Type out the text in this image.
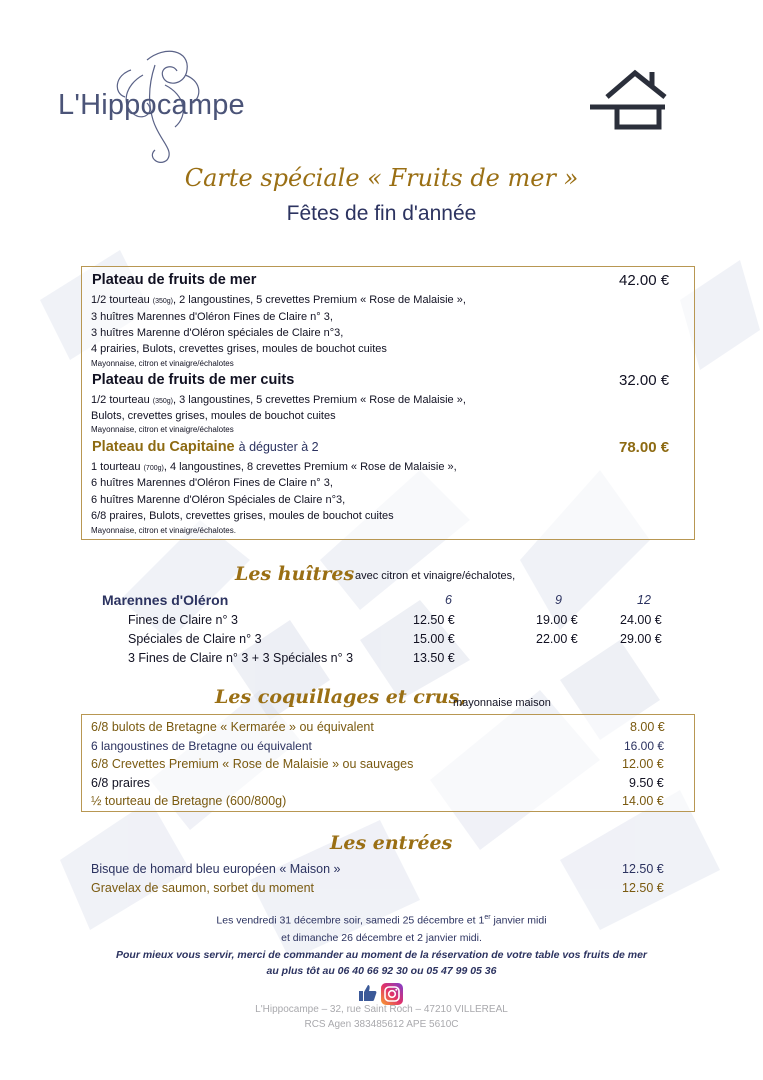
L'Hippocampe
Carte spéciale « Fruits de mer »
Fêtes de fin d'année
Plateau de fruits de mer	42.00 €
1/2 tourteau (350g), 2 langoustines, 5 crevettes Premium « Rose de Malaisie »,
3 huîtres Marennes d'Oléron Fines de Claire n° 3,
3 huîtres Marenne d'Oléron spéciales de Claire n°3,
4 prairies, Bulots, crevettes grises, moules de bouchot cuites
Mayonnaise, citron et vinaigre/échalotes
Plateau de fruits de mer cuits	32.00 €
1/2 tourteau (350g), 3 langoustines, 5 crevettes Premium « Rose de Malaisie »,
Bulots, crevettes grises, moules de bouchot cuites
Mayonnaise, citron et vinaigre/échalotes
Plateau du Capitaine à déguster à 2	78.00 €
1 tourteau (700g), 4 langoustines, 8 crevettes Premium « Rose de Malaisie »,
6 huîtres Marennes d'Oléron Fines de Claire n° 3,
6 huîtres Marenne d'Oléron Spéciales de Claire n°3,
6/8 praires, Bulots, crevettes grises, moules de bouchot cuites
Mayonnaise, citron et vinaigre/échalotes.
Les huîtres avec citron et vinaigre/échalotes,
Marennes d'Oléron	6	9	12
Fines de Claire n° 3	12.50 €	19.00 €	24.00 €
Spéciales de Claire n° 3	15.00 €	22.00 €	29.00 €
3 Fines de Claire n° 3 + 3 Spéciales n° 3	13.50 €
Les coquillages et crus,
mayonnaise maison
6/8 bulots de Bretagne « Kermarée » ou équivalent	8.00 €
6 langoustines de Bretagne ou équivalent	16.00 €
6/8 Crevettes Premium « Rose de Malaisie » ou sauvages	12.00 €
6/8 praires	9.50 €
½ tourteau de Bretagne (600/800g)	14.00 €
Les entrées
Bisque de homard bleu européen « Maison »	12.50 €
Gravelax de saumon, sorbet du moment	12.50 €
Les vendredi 31 décembre soir, samedi 25 décembre et 1er janvier midi
et dimanche 26 décembre et 2 janvier midi.
Pour mieux vous servir, merci de commander au moment de la réservation de votre table vos fruits de mer
au plus tôt au 06 40 66 92 30 ou 05 47 99 05 36
L'Hippocampe – 32, rue Saint Roch – 47210 VILLEREAL
RCS Agen 383485612 APE 5610C
